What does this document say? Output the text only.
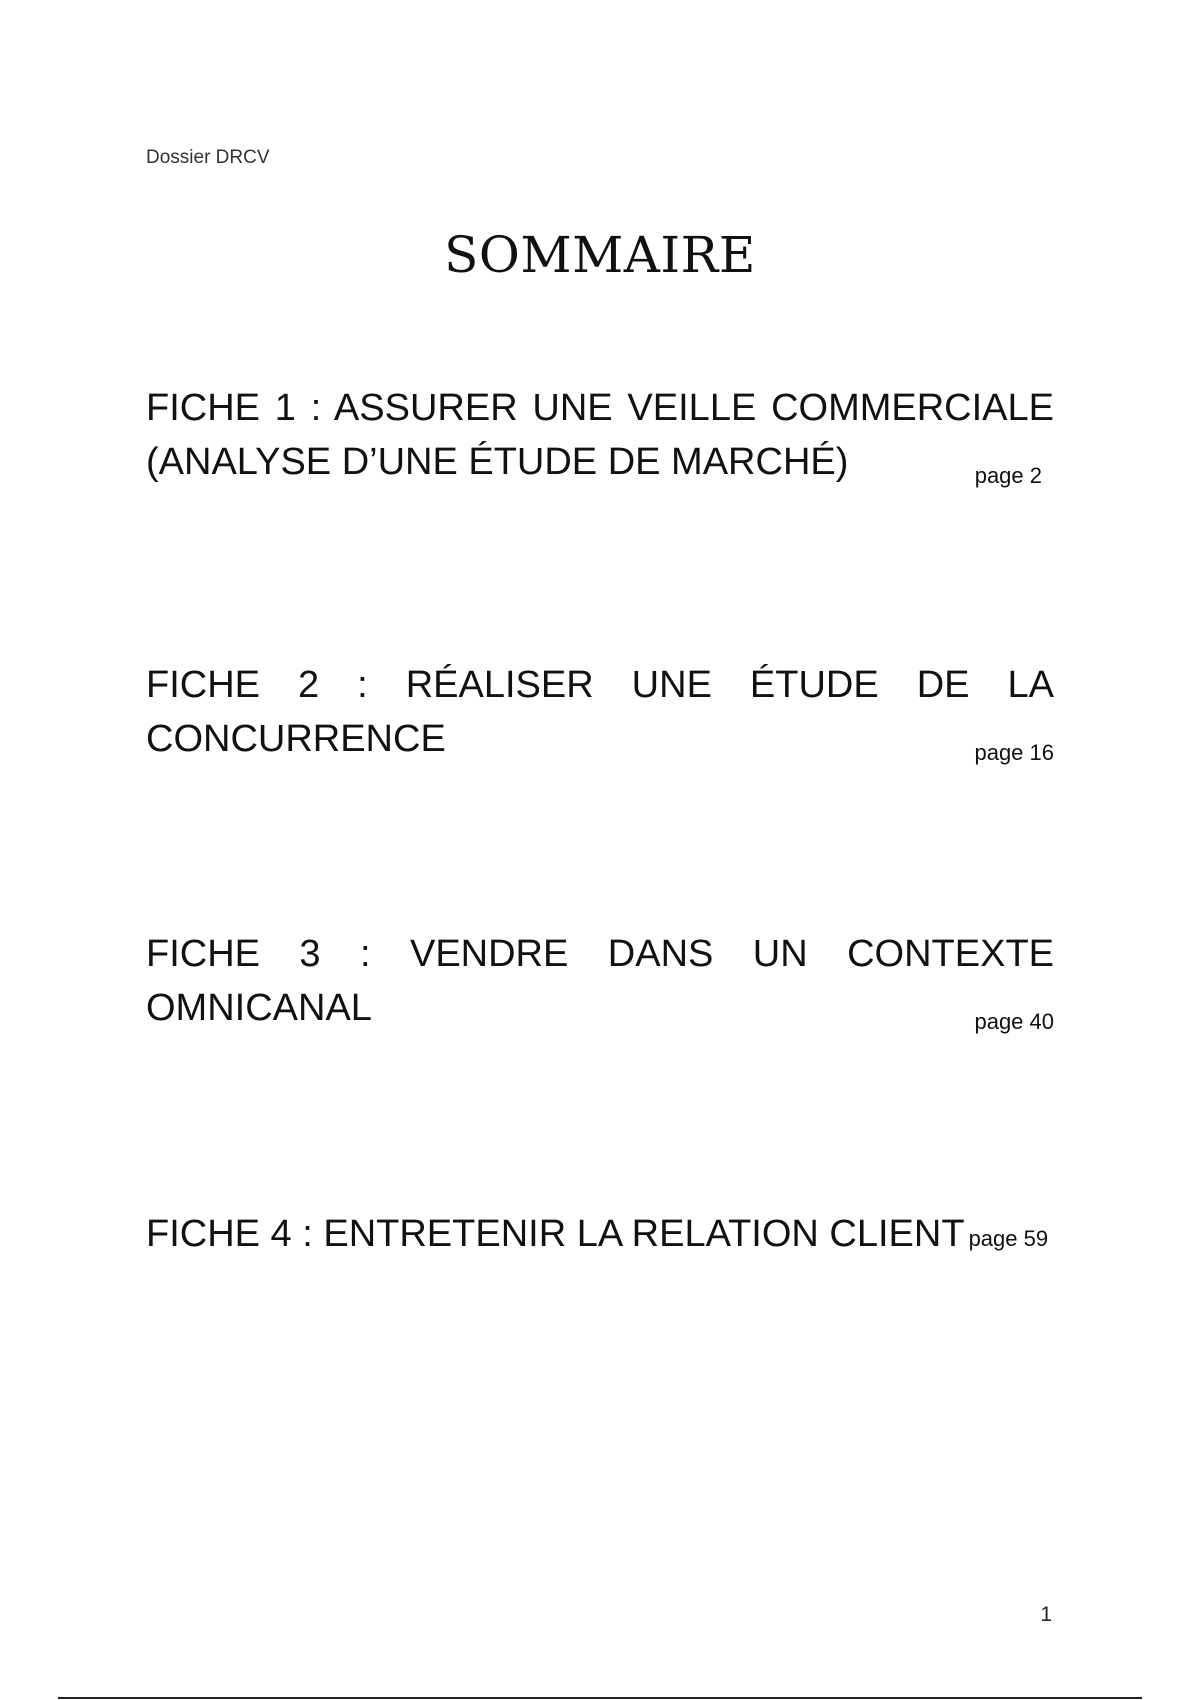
Dossier DRCV
SOMMAIRE
FICHE 1 : ASSURER UNE VEILLE COMMERCIALE
(ANALYSE D’UNE ÉTUDE DE MARCHÉ)	page 2
FICHE 2 : RÉALISER UNE ÉTUDE DE LA
CONCURRENCE	page 16
FICHE 3 : VENDRE DANS UN CONTEXTE
OMNICANAL	page 40
FICHE 4 : ENTRETENIR LA RELATION CLIENT page 59
1
